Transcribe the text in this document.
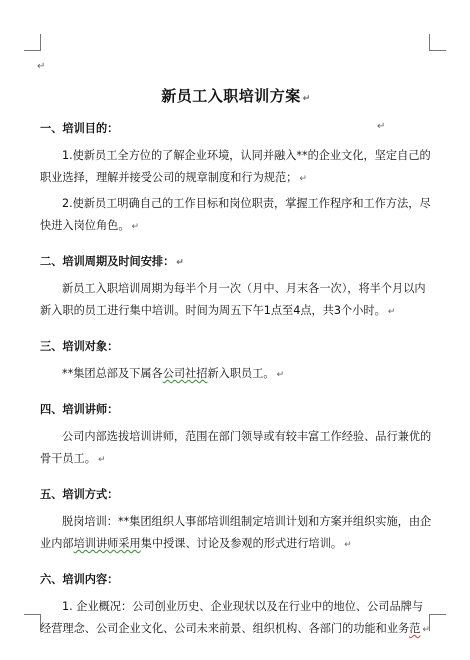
↵
↵
新员工入职培训方案 ↵
一、培训目的：
1.使新员工全方位的了解企业环境，认同并融入**的企业文化，坚定自己的职业选择，理解并接受公司的规章制度和行为规范； ↵
2.使新员工明确自己的工作目标和岗位职责，掌握工作程序和工作方法，尽快进入岗位角色。 ↵
二、培训周期及时间安排： ↵
新员工入职培训周期为每半个月一次（月中、月末各一次），将半个月以内新入职的员工进行集中培训。时间为周五下午1点至4点，共3个小时。 ↵
三、培训对象：
**集团总部及下属各公司社招新入职员工。 ↵
四、培训讲师：
公司内部选拔培训讲师，范围在部门领导或有较丰富工作经验、品行兼优的骨干员工。 ↵
五、培训方式：
脱岗培训：**集团组织人事部培训组制定培训计划和方案并组织实施，由企业内部培训讲师采用集中授课、讨论及参观的形式进行培训。 ↵
六、培训内容：
1. 企业概况：公司创业历史、企业现状以及在行业中的地位、公司品牌与经营理念、公司企业文化、公司未来前景、组织机构、各部门的功能和业务范 ↵
